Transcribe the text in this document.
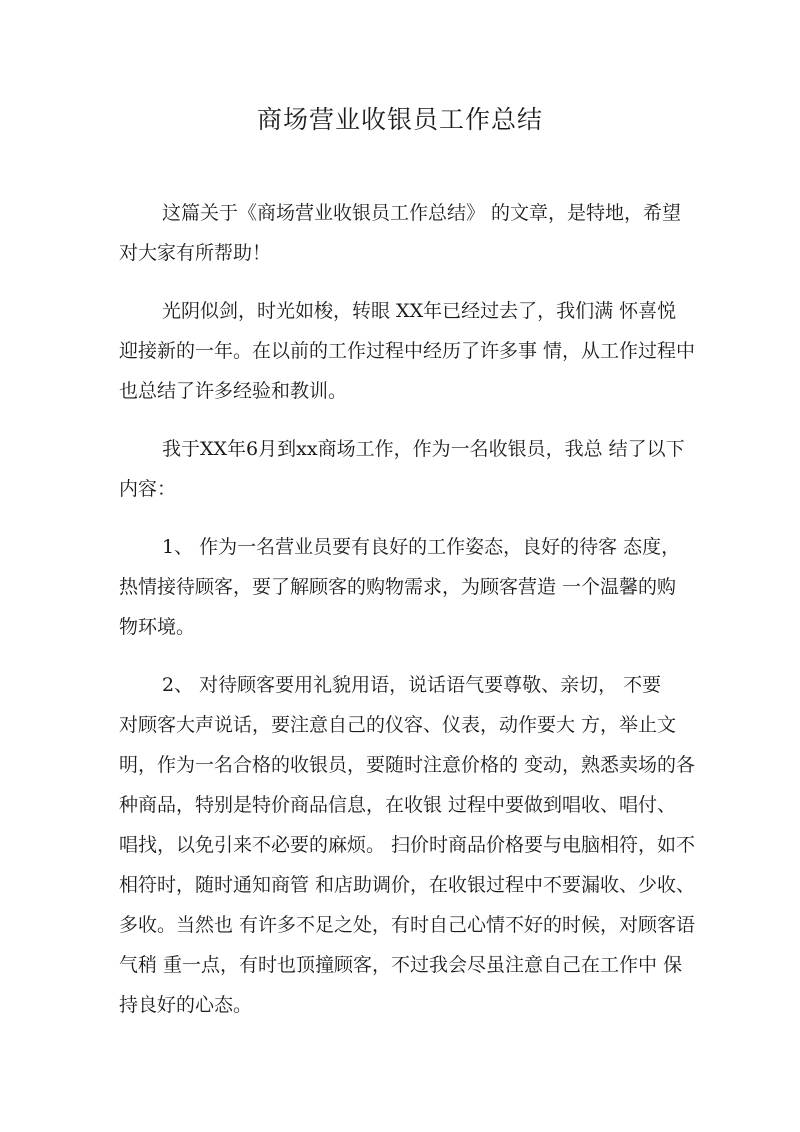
商场营业收银员工作总结
这篇关于《商场营业收银员工作总结》 的文章，是特地，希望
对大家有所帮助！
光阴似剑，时光如梭，转眼 XX年已经过去了，我们满 怀喜悦
迎接新的一年。在以前的工作过程中经历了许多事 情，从工作过程中
也总结了许多经验和教训。
我于XX年6月到xx商场工作，作为一名收银员，我总 结了以下
内容：
1、 作为一名营业员要有良好的工作姿态，良好的待客 态度，
热情接待顾客，要了解顾客的购物需求，为顾客营造 一个温馨的购
物环境。
2、 对待顾客要用礼貌用语，说话语气要尊敬、亲切， 不要
对顾客大声说话，要注意自己的仪容、仪表，动作要大 方，举止文
明，作为一名合格的收银员，要随时注意价格的 变动，熟悉卖场的各
种商品，特别是特价商品信息，在收银 过程中要做到唱收、唱付、
唱找，以免引来不必要的麻烦。 扫价时商品价格要与电脑相符，如不
相符时，随时通知商管 和店助调价，在收银过程中不要漏收、少收、
多收。当然也 有许多不足之处，有时自己心情不好的时候，对顾客语
气稍 重一点，有时也顶撞顾客，不过我会尽虽注意自己在工作中 保
持良好的心态。
